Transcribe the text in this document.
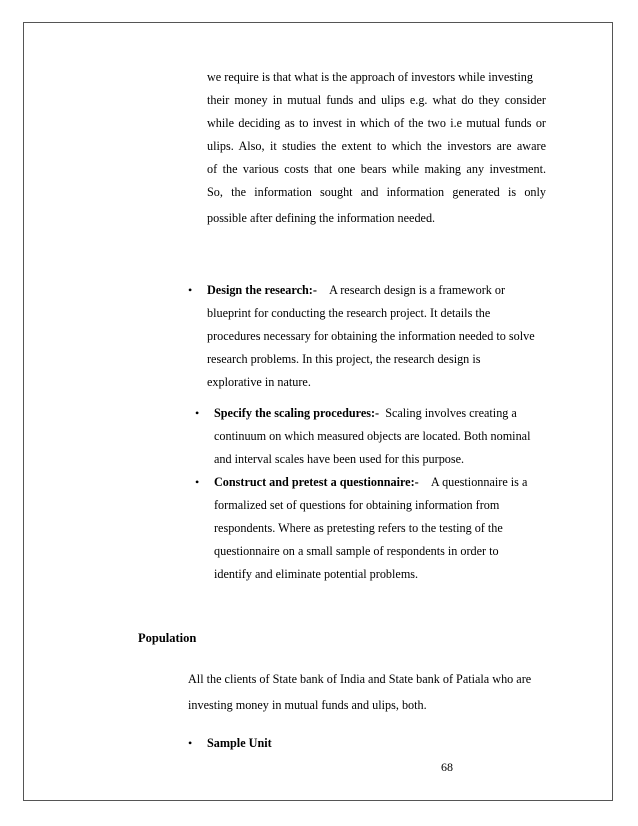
we require is that what is the approach of investors while investing
their money in mutual funds and ulips e.g. what do they consider
while deciding as to invest in which of the two i.e mutual funds or
ulips. Also, it studies the extent to which the investors are aware
of the various costs that one bears while making any investment.
So, the information sought and information generated is only
possible after defining the information needed.
• Design the research:- A research design is a framework or
blueprint for conducting the research project. It details the
procedures necessary for obtaining the information needed to solve
research problems. In this project, the research design is
explorative in nature.
• Specify the scaling procedures:- Scaling involves creating a
continuum on which measured objects are located. Both nominal
and interval scales have been used for this purpose.
• Construct and pretest a questionnaire:- A questionnaire is a
formalized set of questions for obtaining information from
respondents. Where as pretesting refers to the testing of the
questionnaire on a small sample of respondents in order to
identify and eliminate potential problems.
Population
All the clients of State bank of India and State bank of Patiala who are
investing money in mutual funds and ulips, both.
• Sample Unit
68
